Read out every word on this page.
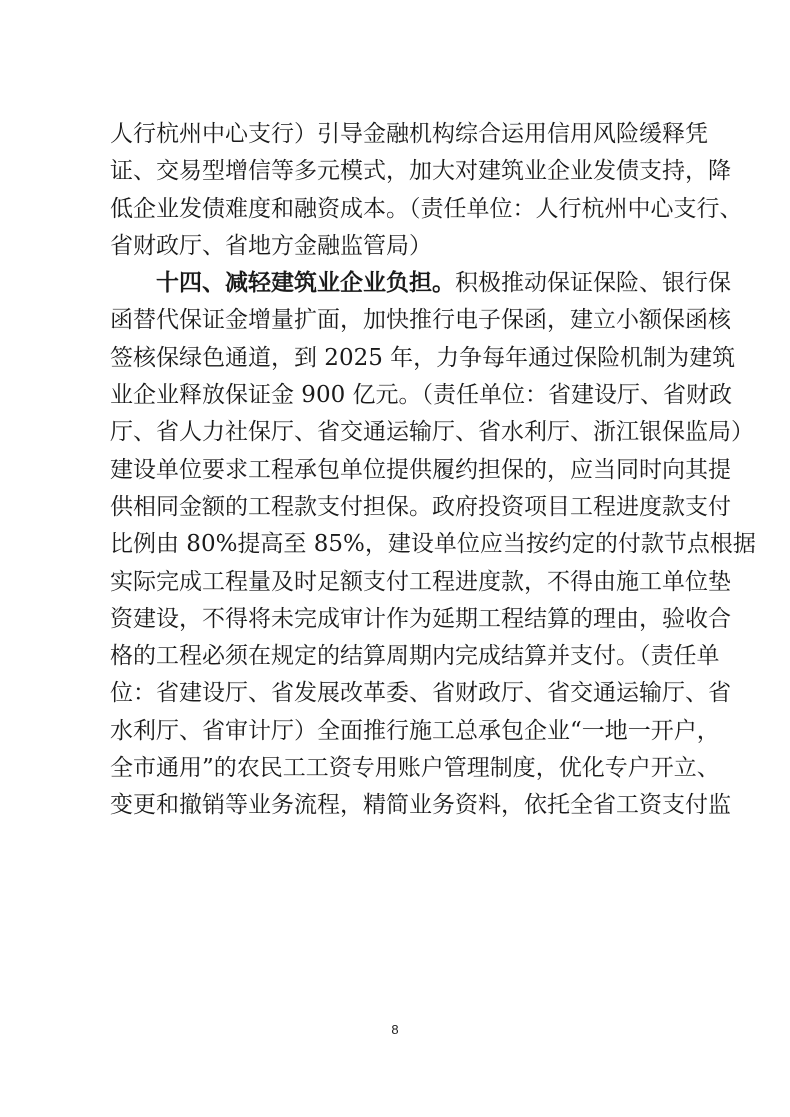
人行杭州中心支行）引导金融机构综合运用信用风险缓释凭
证、交易型增信等多元模式，加大对建筑业企业发债支持，降
低企业发债难度和融资成本。（责任单位：人行杭州中心支行、
省财政厅、省地方金融监管局）
十四、减轻建筑业企业负担。积极推动保证保险、银行保
函替代保证金增量扩面，加快推行电子保函，建立小额保函核
签核保绿色通道，到 2025 年，力争每年通过保险机制为建筑
业企业释放保证金 900 亿元。（责任单位：省建设厅、省财政
厅、省人力社保厅、省交通运输厅、省水利厅、浙江银保监局）
建设单位要求工程承包单位提供履约担保的，应当同时向其提
供相同金额的工程款支付担保。政府投资项目工程进度款支付
比例由 80%提高至 85%，建设单位应当按约定的付款节点根据
实际完成工程量及时足额支付工程进度款，不得由施工单位垫
资建设，不得将未完成审计作为延期工程结算的理由，验收合
格的工程必须在规定的结算周期内完成结算并支付。（责任单
位：省建设厅、省发展改革委、省财政厅、省交通运输厅、省
水利厅、省审计厅）全面推行施工总承包企业“一地一开户，
全市通用”的农民工工资专用账户管理制度，优化专户开立、
变更和撤销等业务流程，精简业务资料，依托全省工资支付监
8
